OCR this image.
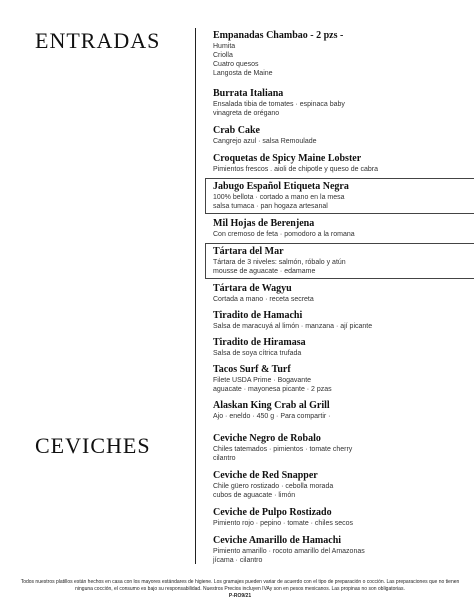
ENTRADAS
CEVICHES
Empanadas Chambao - 2 pzs -
Humita
Criolla
Cuatro quesos
Langosta de Maine
Burrata Italiana
Ensalada tibia de tomates · espinaca baby
vinagreta de orégano
Crab Cake
Cangrejo azul · salsa Remoulade
Croquetas de Spicy Maine Lobster
Pimientos frescos . aioli de chipotle y queso de cabra
Jabugo Español Etiqueta Negra
100% bellota · cortado a mano en la mesa
salsa tumaca · pan hogaza artesanal
Mil Hojas de Berenjena
Con cremoso de feta · pomodoro a la romana
Tártara del Mar
Tártara de 3 niveles: salmón, róbalo y atún
mousse de aguacate · edamame
Tártara de Wagyu
Cortada a mano · receta secreta
Tiradito de Hamachi
Salsa de maracuyá al limón · manzana · ají picante
Tiradito de Hiramasa
Salsa de soya cítrica trufada
Tacos Surf & Turf
Filete USDA Prime · Bogavante
aguacate · mayonesa picante · 2 pzas
Alaskan King Crab al Grill
Ajo · eneldo · 450 g · Para compartir ·
Ceviche Negro de Robalo
Chiles tatemados · pimientos · tomate cherry
cilantro
Ceviche de Red Snapper
Chile güero rostizado · cebolla morada
cubos de aguacate · limón
Ceviche de Pulpo Rostizado
Pimiento rojo · pepino · tomate · chiles secos
Ceviche Amarillo de Hamachi
Pimiento amarillo · rocoto amarillo del Amazonas
jícama · cilantro
Todos nuestros platillos están hechos en casa con los mayores estándares de higiene. Los gramajes pueden variar de acuerdo con el tipo de preparación o cocción. Las preparaciones que no tienen ninguna cocción, el consumo es bajo su responsabilidad. Nuestros Precios incluyen IVAy son en pesos mexicanos. Las propinas no son obligatorias.
P-RO9/21
